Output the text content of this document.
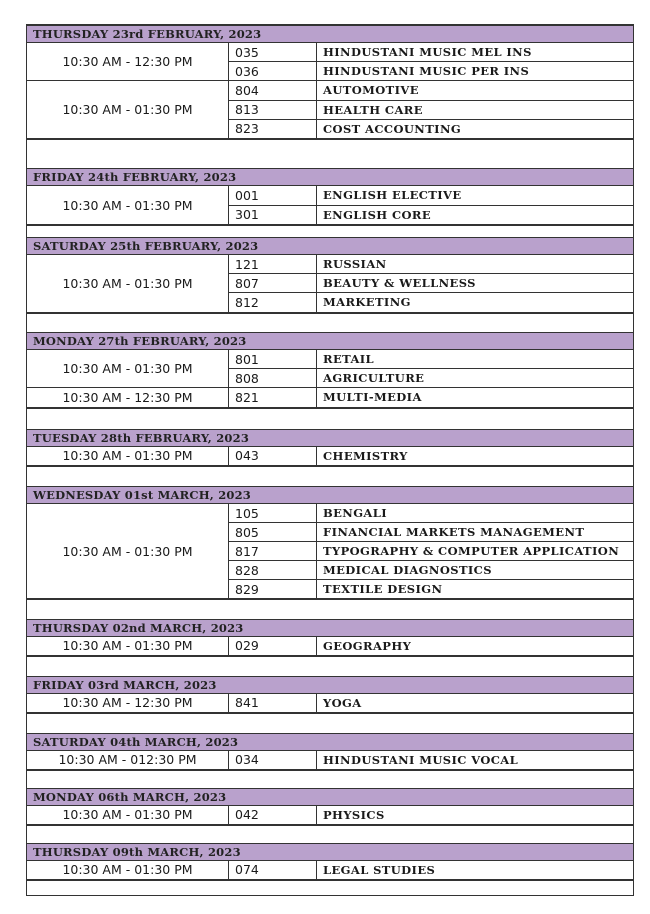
THURSDAY 23rd FEBRUARY, 2023
10:30 AM - 12:30 PM
035	HINDUSTANI MUSIC MEL INS
036	HINDUSTANI MUSIC PER INS
10:30 AM - 01:30 PM
804	AUTOMOTIVE
813	HEALTH CARE
823	COST ACCOUNTING
FRIDAY 24th FEBRUARY, 2023
10:30 AM - 01:30 PM
001	ENGLISH ELECTIVE
301	ENGLISH CORE
SATURDAY 25th FEBRUARY, 2023
10:30 AM - 01:30 PM
121	RUSSIAN
807	BEAUTY & WELLNESS
812	MARKETING
MONDAY 27th FEBRUARY, 2023
10:30 AM - 01:30 PM
801	RETAIL
808	AGRICULTURE
10:30 AM - 12:30 PM	821	MULTI-MEDIA
TUESDAY 28th FEBRUARY, 2023
10:30 AM - 01:30 PM	043	CHEMISTRY
WEDNESDAY 01st MARCH, 2023
10:30 AM - 01:30 PM
105	BENGALI
805	FINANCIAL MARKETS MANAGEMENT
817	TYPOGRAPHY & COMPUTER APPLICATION
828	MEDICAL DIAGNOSTICS
829	TEXTILE DESIGN
THURSDAY 02nd MARCH, 2023
10:30 AM - 01:30 PM	029	GEOGRAPHY
FRIDAY 03rd MARCH, 2023
10:30 AM - 12:30 PM	841	YOGA
SATURDAY 04th MARCH, 2023
10:30 AM - 012:30 PM	034	HINDUSTANI MUSIC VOCAL
MONDAY 06th MARCH, 2023
10:30 AM - 01:30 PM	042	PHYSICS
THURSDAY 09th MARCH, 2023
10:30 AM - 01:30 PM	074	LEGAL STUDIES
